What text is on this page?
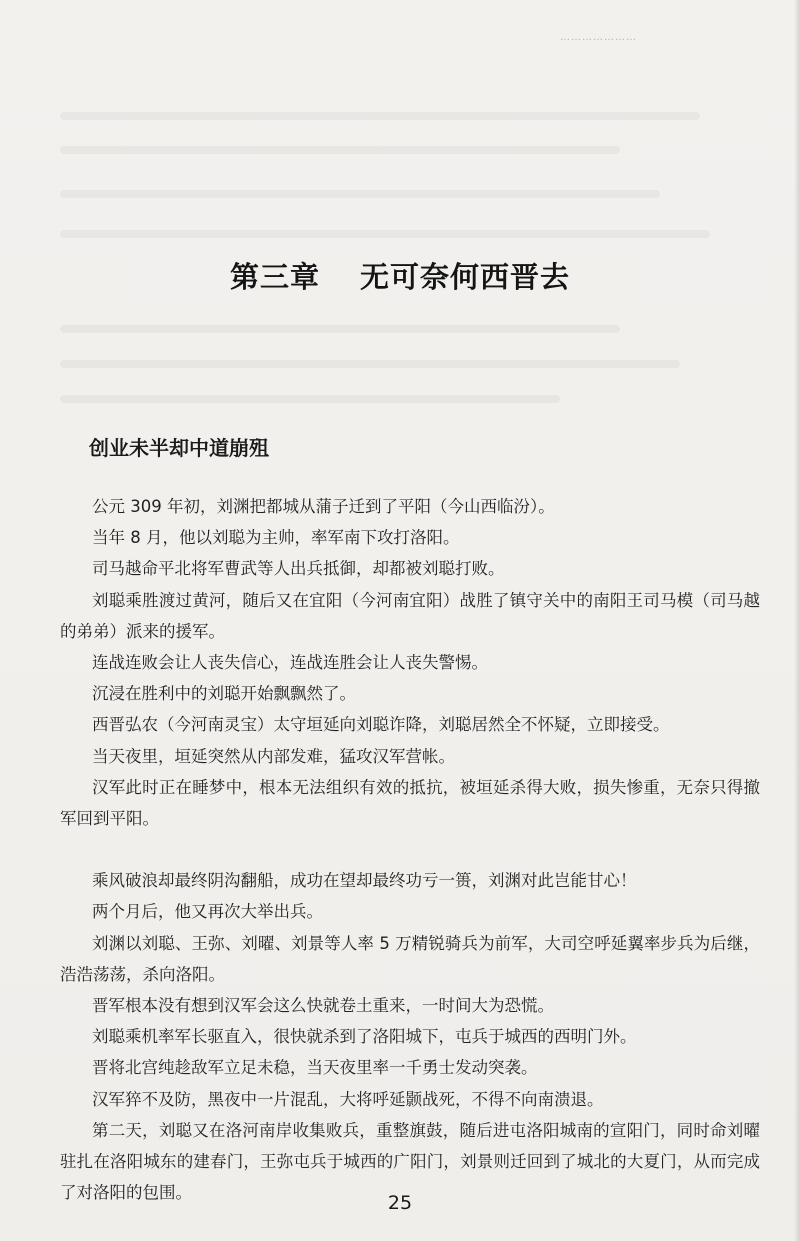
…………………
第三章 无可奈何西晋去
创业未半却中道崩殂

公元 309 年初，刘渊把都城从蒲子迁到了平阳（今山西临汾）。

当年 8 月，他以刘聪为主帅，率军南下攻打洛阳。

司马越命平北将军曹武等人出兵抵御，却都被刘聪打败。

刘聪乘胜渡过黄河，随后又在宜阳（今河南宜阳）战胜了镇守关中的南阳王司马模（司马越的弟弟）派来的援军。

连战连败会让人丧失信心，连战连胜会让人丧失警惕。

沉浸在胜利中的刘聪开始飘飘然了。

西晋弘农（今河南灵宝）太守垣延向刘聪诈降，刘聪居然全不怀疑，立即接受。

当天夜里，垣延突然从内部发难，猛攻汉军营帐。

汉军此时正在睡梦中，根本无法组织有效的抵抗，被垣延杀得大败，损失惨重，无奈只得撤军回到平阳。

乘风破浪却最终阴沟翻船，成功在望却最终功亏一篑，刘渊对此岂能甘心！

两个月后，他又再次大举出兵。

刘渊以刘聪、王弥、刘曜、刘景等人率 5 万精锐骑兵为前军，大司空呼延翼率步兵为后继，浩浩荡荡，杀向洛阳。

晋军根本没有想到汉军会这么快就卷土重来，一时间大为恐慌。

刘聪乘机率军长驱直入，很快就杀到了洛阳城下，屯兵于城西的西明门外。

晋将北宫纯趁敌军立足未稳，当天夜里率一千勇士发动突袭。

汉军猝不及防，黑夜中一片混乱，大将呼延颢战死，不得不向南溃退。

第二天，刘聪又在洛河南岸收集败兵，重整旗鼓，随后进屯洛阳城南的宣阳门，同时命刘曜驻扎在洛阳城东的建春门，王弥屯兵于城西的广阳门，刘景则迁回到了城北的大夏门，从而完成了对洛阳的包围。	25
